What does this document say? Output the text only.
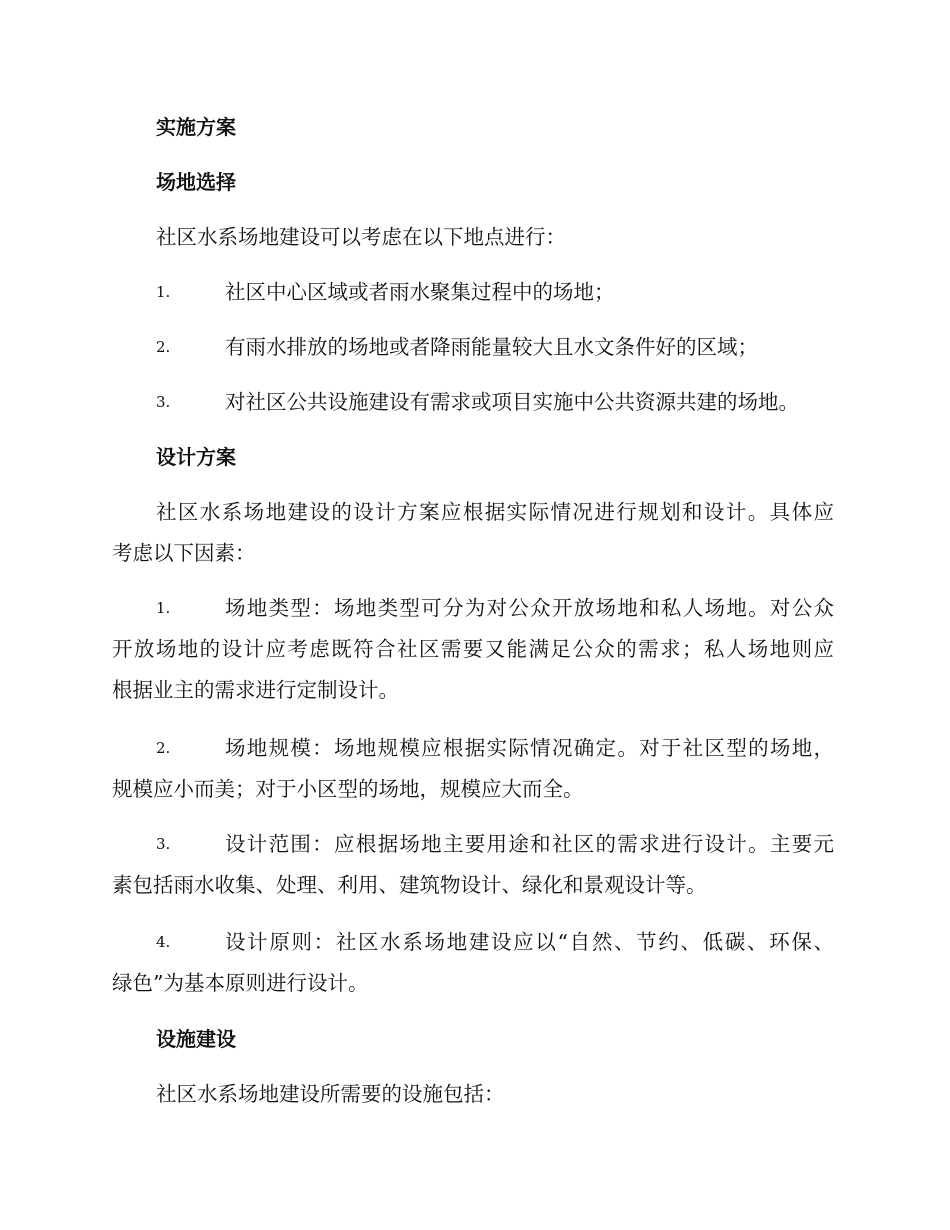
实施方案
场地选择
社区水系场地建设可以考虑在以下地点进行：
1.	社区中心区域或者雨水聚集过程中的场地；
2.	有雨水排放的场地或者降雨能量较大且水文条件好的区域；
3.	对社区公共设施建设有需求或项目实施中公共资源共建的场地。
设计方案
社区水系场地建设的设计方案应根据实际情况进行规划和设计。具体应
考虑以下因素：
1.	场地类型：场地类型可分为对公众开放场地和私人场地。对公众
开放场地的设计应考虑既符合社区需要又能满足公众的需求；私人场地则应
根据业主的需求进行定制设计。
2.	场地规模：场地规模应根据实际情况确定。对于社区型的场地，
规模应小而美；对于小区型的场地，规模应大而全。
3.	设计范围：应根据场地主要用途和社区的需求进行设计。主要元
素包括雨水收集、处理、利用、建筑物设计、绿化和景观设计等。
4.	设计原则：社区水系场地建设应以“自然、节约、低碳、环保、
绿色”为基本原则进行设计。
设施建设
社区水系场地建设所需要的设施包括：
